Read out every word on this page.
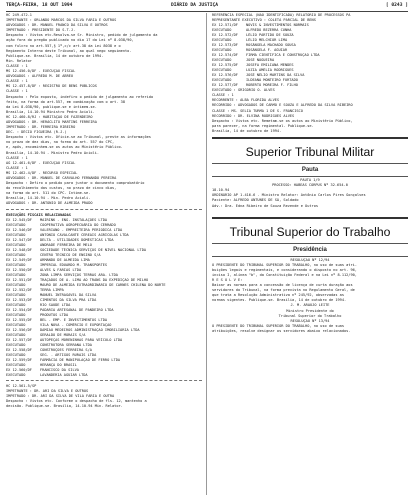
TERÇA-FEIRA, 18 OUT 1994	DIÁRIO DA JUSTIÇA	[ 0243 ]
HC 249.472-1
IMPETRANTE : ORLANDO MARCOS DA SILVA FARIA E OUTROS
ADVOGADOS : DR. MANUEL FRANCO DA SILVA E OUTROS
IMPETRADO : PRESIDENTE DO S.T.J.
Despacho : Vistos etc.Resolva-se Sr. Ministro, pedido de julgamento da
ação fora do pregão publicado no dia 17 da Lei nº 8.038/90,
com fulcro no art.557,§ 1º,c/c art.38 da Lei 8038 e o
Regimento Interno deste Tribunal, ao qual nego seguimento.
Publique-se. Brasília, 14 de outubro de 1994.
Min. Relator
CLASSE : 1
MS 12.456-0/DF - EXECUÇÃO FISCAL
ADVOGADOS : ALFREDO M. DE ABREU
CLASSE : 1
MS 12.457-8/DF : REGISTRO DE BENS PÚBLICOS
CLASSE : 1
Despacho : Pelo exposto, indefiro o pedido de julgamento ao referido
feito, na forma do art.557, em combinação com o art. 38
da Lei 8.038/90, publique-se e intimem-se.
Brasília, 14.10.94 Ministro Pedro Acioli.
HC 12.460-8/RJ : HABITAÇÃO DE FAZENDEIRO
ADVOGADOS : DR. HERÁCLITO MARTINS FERREIRA
IMPETRADO : DR. FERREIRA RIBEIRO
DEC. : DÉCIO FIGUEIRA (R.J.)
Despacho : Vistos etc. Oficie-se ao Tribunal, preste as informações
no prazo de dez dias, na forma do art. 557 do CPC,
e, após, encaminhem-se os autos ao Ministério Público.
Brasília, 14.10.94 - Ministro Pedro Acioli.
CLASSE : 1
AG 12.461-6/DF - EXECUÇÃO FISCAL
CLASSE : 1
MS 12.462-4/DF - RECURSO ESPECIAL
ADVOGADOS : DR. MANUEL DE CARVALHO FERNANDO PEREIRA
Despacho : Defiro o pedido para juntar o documento comprobatório
do recolhimento das custas, no prazo de cinco dias,
na forma do art. 511 do CPC. Intime-se.
Brasília, 14.10.94 - Min. Pedro Acioli.
ADVOGADOS : DR. ANTÔNIO DE ALMEIDA PRADO
EXECUÇÕES FISCAIS RELACIONADAS
EX 12.545/DF	MAIRINK - ENG. INSTALAÇÕES LTDA
EXECUTADO	COOPERATIVA AGROPECUÁRIA DO CERRADO
EX 12.546/DF	VALERIANO - EMPREITEIRA PERIÓDICA LTDA
EXECUTADO	ANTÔNIO CAVALCANTE CEREAIS AGRÍCOLAS LTDA
EX 12.547/DF	DELTA - UTILIDADES DOMÉSTICAS LTDA
EXECUTADO	ANDRADE FERREIRA DE MELO
EX 12.548/DF	SOCIEDADE TÉCNICA SERVIÇOS DE NÍVEL NACIONAL LTDA
EXECUTADO	CENTRO TÉCNICO DE ENSINO S/A
EX 12.549/DF	ARMANDO DE ALMEIDA LIMA
EXECUTADO	IMPERIAL EDUARDO M. TRANSPORTES
EX 12.550/DF	ALVES & FARIAS LTDA
EXECUTADO	ZONA LIMPA SERVIÇOS TERRAS ARA. LTDA
EX 12.551/DF	TRAÇADOS DE A. LIMA AO TRANS DA EXPEDIÇÃO DE MILHO
EXECUTADO	MAURO DE ALMEIDA EXTRAORDINÁRIO DE CARNES CHILENA DO NORTE
EX 12.552/DF	TERRA LIMPA
EXECUTADO	MANUEL INTRAGÁVEL DA SILVA
EX 12.553/DF	CIMENTOS DA SILVA PRA LTDA
EXECUTADO	RIO SAÚDE LTDA
EX 12.554/DF	PADARIA ARTESANAL DE PANDEIRO LTDA
EXECUTADO	PRODUTOS LTDA
EX 12.555/DF	BEL - EMP. E INVESTIMENTOS LTDA
EXECUTADO	VILA NOVA - COMÉRCIO E EXPORTAÇÃO
EX 12.556/DF	DAMIÃO MEDEIROS ADMINISTRAÇÃO IMOBILIÁRIA LTDA
EXECUTADO	GERALDO DE MORAIS S/A
EX 12.557/DF	AUTOPEÇAS MORENINHAS PARA VEÍCULO LTDA
EXECUTADO	CONSTRUTORA SERRANA LTDA
EX 12.558/DF	CONSTRUÇÕES FERREIRA S/A
EXECUTADO	SEG. - ARTIGOS RURAIS LTDA
EX 12.559/DF	FARMÁCIA DE MANIPULAÇÃO DE FERRO LTDA
EXECUTADO	HERANÇA DO BRASIL
EX 12.560/DF	FRANCISCO DA SILVA
EXECUTADO	LAVANDERIA AGUIAR LTDA
HC 12.561-5/SP
IMPETRANTE : DR. ARI DA SILVA E OUTROS
IMPETRADO : DR. ARI DA SILVA DE VILA FARIA E OUTRA
Despacho : Vistos etc. Conforme o despacho de fls. 12, mantenho a
decisão. Publique-se. Brasília, 14.10.94 Min. Relator.
REFERÊNCIA ESPECIAL (NÃO IDENTIFICADA) RELATÓRIO DE PROCESSOS PA
REPRESENTANTE EXECUTIVO : COLETA PARCIAL DE BENS
EX 12.571/DF	NOVIS & INVESTIMENTOS NORMAIS
EXECUTADO	ALFREDO BEZERRA CUNHA
EX 12.572/DF	LÉLIO PARTIDO DE SOUZA
EXECUTADO	LÉLIO MELCHIOR LIMA
EX 12.573/DF	ROSÂNGELA MACHADO SOUSA
EXECUTADO	ROSÂNGELA F. AGUIAR
EX 12.574/DF	FIRMA CIENTÍFICA E CONSTRUÇÃO LTDA
EXECUTADO	JOSÉ NOGUEIRA
EX 12.575/DF	JOSEFA EMILIANA MENDES
EXECUTADO	LUZIA AMÉLIA RODRIGUES
EX 12.576/DF	JOSÉ NÉLIO MARTINS DA SILVA
EXECUTADO	ILDEANA MONTEIRO FURTADO
EX 12.577/DF	ROBERTO MOREIRA F. FILHO
EXECUTADO : GRIGÓRIO O. ALVES
CLASSE : 1
RECORRENTE : ALBA FLORIDA ALVES
RECORRIDO : ADVOGADOS DE CARMO E SOUZA E ALFREDO DA SILVA RIBEIRO
CLASSE : MS. SELIA TURMA 1 DE S. FRANCISCO
RECORRIDO : DR. ELVINA RODRIGUES ALVES
Despacho : Vistos etc. Remetam-se os autos ao Ministério Público,
para parecer, na forma regimental. Publique-se.
Brasília, 14 de outubro de 1994.
Superior Tribunal Militar
Pauta
PAUTA 1/9
PROCESSO: HABEAS CORPUS Nº 32.654-0
18.10.94
ORDINÁRIO AP 1.416-6 - Ministro Relator: Antônio Carlos Pires Gonçalves
Paciente: ALFREDO ANTUNES DE SÁ, Soldado
Adv.: Dra. Edna Ribeiro de Souza Rezende e Outros
Tribunal Superior do Trabalho
Presidência
RESOLUÇÃO Nº 12/94
O PRESIDENTE DO TRIBUNAL SUPERIOR DO TRABALHO, no uso de suas atri-
buições legais e regimentais, e considerando o disposto no art. 96,
inciso I, alínea "b", da Constituição Federal e na Lei nº 8.112/90,
R E S O L V E:
Baixar as normas para a concessão de licença de curta duração aos
servidores do Tribunal, na forma prevista no Regulamento Geral, de
que trata a Resolução Administrativa nº 245/92, observadas as
normas vigentes. Publique-se. Brasília, 14 de outubro de 1994.
J. M. ARAÚJO LEITE
Ministro Presidente do
Tribunal Superior do Trabalho
RESOLUÇÃO Nº 13/94
O PRESIDENTE DO TRIBUNAL SUPERIOR DO TRABALHO, no uso de suas
atribuições, resolve designar os servidores abaixo relacionados.
